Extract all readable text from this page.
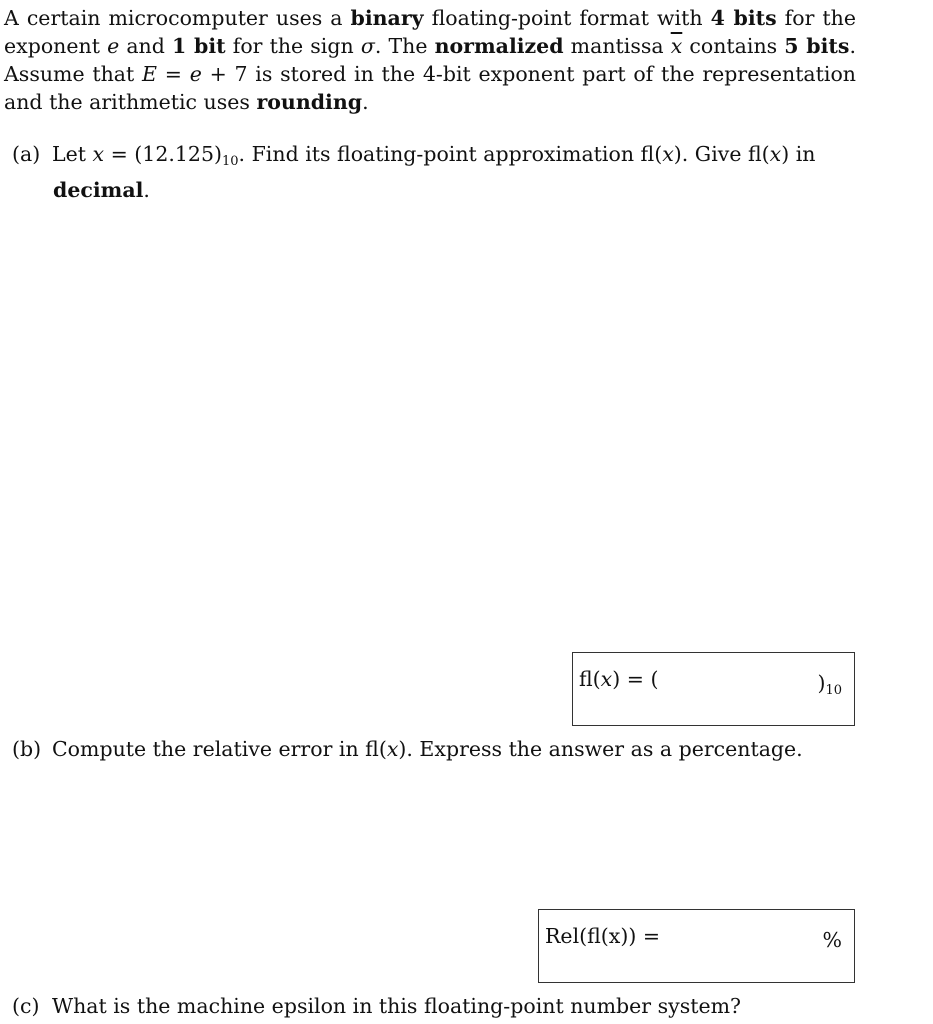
A certain microcomputer uses a binary floating-point format with 4 bits for the exponent e and 1 bit for the sign σ. The normalized mantissa $\overline{x}$ contains 5 bits. Assume that E = e + 7 is stored in the 4-bit exponent part of the representation and the arithmetic uses rounding.

(a) Let $x = (12.125)_{10}$. Find its floating-point approximation fl(x). Give fl(x) in
decimal.
fl(x) = (	)$_{10}$
(b) Compute the relative error in fl(x). Express the answer as a percentage.
Rel(fl(x)) =	%
(c) What is the machine epsilon in this floating-point number system?
